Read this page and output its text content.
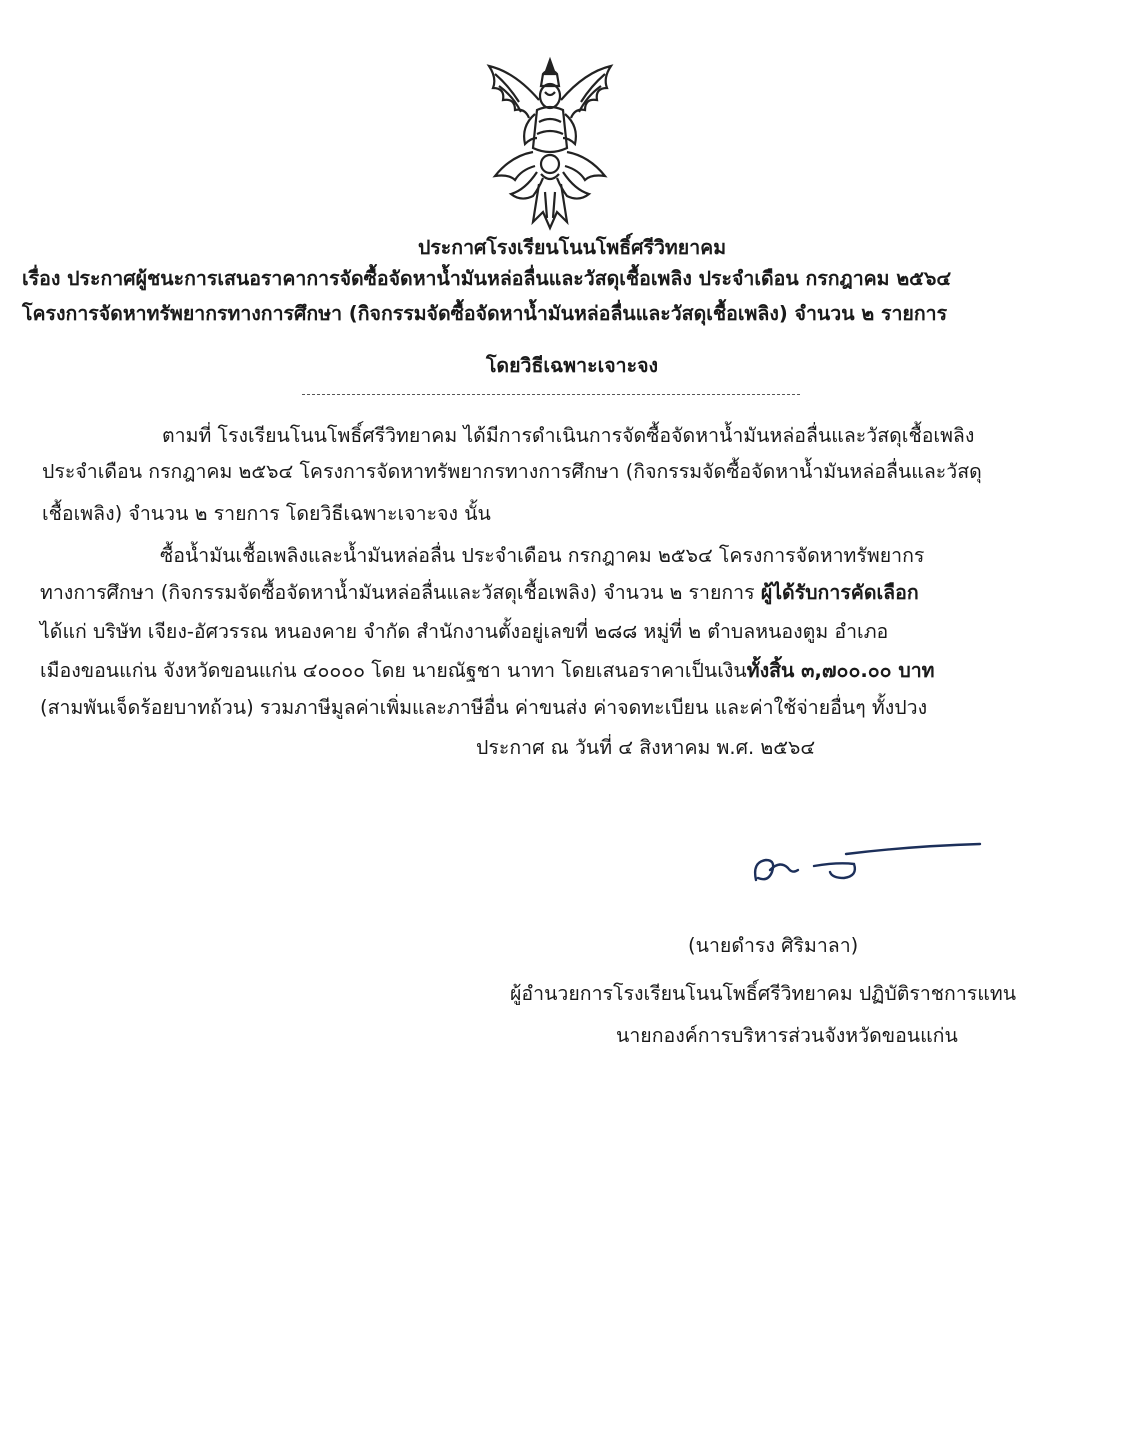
ประกาศโรงเรียนโนนโพธิ์ศรีวิทยาคม
เรื่อง ประกาศผู้ชนะการเสนอราคาการจัดซื้อจัดหาน้ำมันหล่อลื่นและวัสดุเชื้อเพลิง ประจำเดือน กรกฎาคม ๒๕๖๔
โครงการจัดหาทรัพยากรทางการศึกษา (กิจกรรมจัดซื้อจัดหาน้ำมันหล่อลื่นและวัสดุเชื้อเพลิง) จำนวน ๒ รายการ
โดยวิธีเฉพาะเจาะจง
ตามที่ โรงเรียนโนนโพธิ์ศรีวิทยาคม ได้มีการดำเนินการจัดซื้อจัดหาน้ำมันหล่อลื่นและวัสดุเชื้อเพลิง
ประจำเดือน กรกฎาคม ๒๕๖๔ โครงการจัดหาทรัพยากรทางการศึกษา (กิจกรรมจัดซื้อจัดหาน้ำมันหล่อลื่นและวัสดุ
เชื้อเพลิง) จำนวน ๒ รายการ โดยวิธีเฉพาะเจาะจง นั้น
ซื้อน้ำมันเชื้อเพลิงและน้ำมันหล่อลื่น ประจำเดือน กรกฎาคม ๒๕๖๔ โครงการจัดหาทรัพยากร
ทางการศึกษา (กิจกรรมจัดซื้อจัดหาน้ำมันหล่อลื่นและวัสดุเชื้อเพลิง) จำนวน ๒ รายการ ผู้ได้รับการคัดเลือก
ได้แก่ บริษัท เจียง-อัศวรรณ หนองคาย จำกัด สำนักงานตั้งอยู่เลขที่ ๒๘๘ หมู่ที่ ๒ ตำบลหนองตูม อำเภอ
เมืองขอนแก่น จังหวัดขอนแก่น ๔๐๐๐๐ โดย นายณัฐชา นาทา โดยเสนอราคาเป็นเงินทั้งสิ้น ๓,๗๐๐.๐๐ บาท
(สามพันเจ็ดร้อยบาทถ้วน) รวมภาษีมูลค่าเพิ่มและภาษีอื่น ค่าขนส่ง ค่าจดทะเบียน และค่าใช้จ่ายอื่นๆ ทั้งปวง
ประกาศ ณ วันที่ ๔ สิงหาคม พ.ศ. ๒๕๖๔
(นายดำรง ศิริมาลา)
ผู้อำนวยการโรงเรียนโนนโพธิ์ศรีวิทยาคม ปฏิบัติราชการแทน
นายกองค์การบริหารส่วนจังหวัดขอนแก่น
